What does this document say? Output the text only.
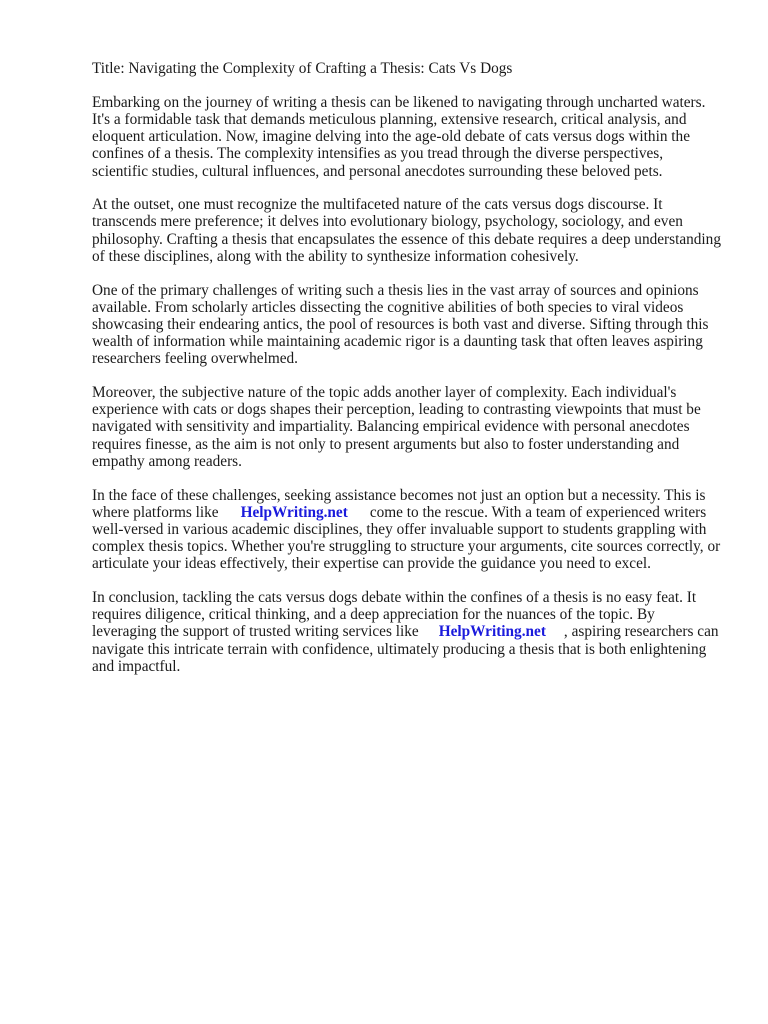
Title: Navigating the Complexity of Crafting a Thesis: Cats Vs Dogs

Embarking on the journey of writing a thesis can be likened to navigating through uncharted waters. It's a formidable task that demands meticulous planning, extensive research, critical analysis, and eloquent articulation. Now, imagine delving into the age-old debate of cats versus dogs within the confines of a thesis. The complexity intensifies as you tread through the diverse perspectives, scientific studies, cultural influences, and personal anecdotes surrounding these beloved pets.

At the outset, one must recognize the multifaceted nature of the cats versus dogs discourse. It transcends mere preference; it delves into evolutionary biology, psychology, sociology, and even philosophy. Crafting a thesis that encapsulates the essence of this debate requires a deep understanding of these disciplines, along with the ability to synthesize information cohesively.

One of the primary challenges of writing such a thesis lies in the vast array of sources and opinions available. From scholarly articles dissecting the cognitive abilities of both species to viral videos showcasing their endearing antics, the pool of resources is both vast and diverse. Sifting through this wealth of information while maintaining academic rigor is a daunting task that often leaves aspiring researchers feeling overwhelmed.

Moreover, the subjective nature of the topic adds another layer of complexity. Each individual's experience with cats or dogs shapes their perception, leading to contrasting viewpoints that must be navigated with sensitivity and impartiality. Balancing empirical evidence with personal anecdotes requires finesse, as the aim is not only to present arguments but also to foster understanding and empathy among readers.

In the face of these challenges, seeking assistance becomes not just an option but a necessity. This is where platforms like HelpWriting.net come to the rescue. With a team of experienced writers well-versed in various academic disciplines, they offer invaluable support to students grappling with complex thesis topics. Whether you're struggling to structure your arguments, cite sources correctly, or articulate your ideas effectively, their expertise can provide the guidance you need to excel.

In conclusion, tackling the cats versus dogs debate within the confines of a thesis is no easy feat. It requires diligence, critical thinking, and a deep appreciation for the nuances of the topic. By leveraging the support of trusted writing services like HelpWriting.net , aspiring researchers can navigate this intricate terrain with confidence, ultimately producing a thesis that is both enlightening and impactful.
